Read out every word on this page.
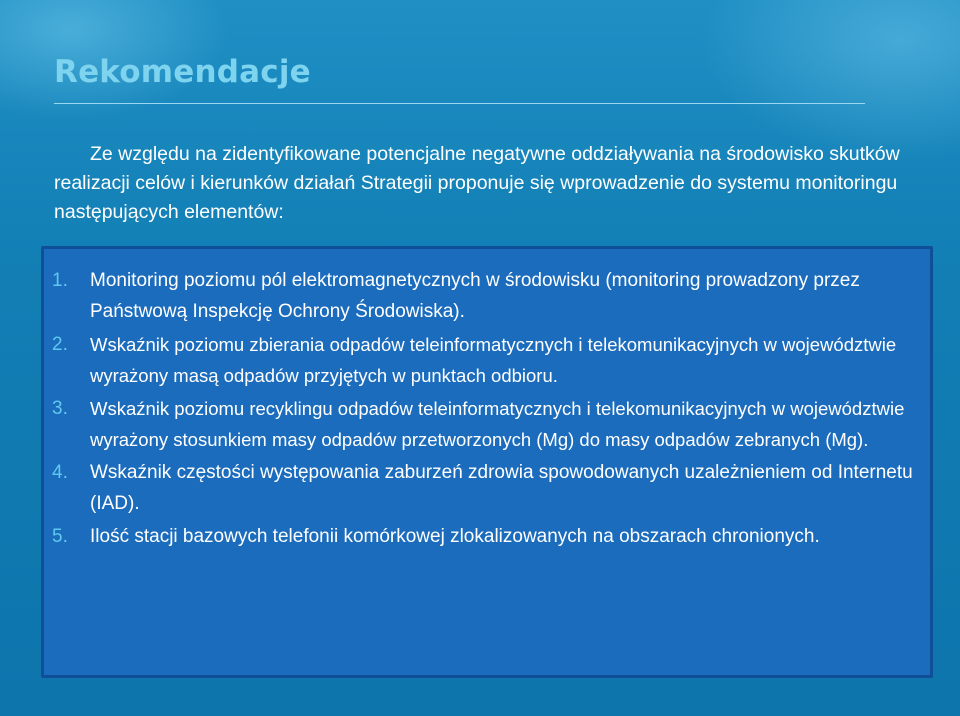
Rekomendacje

Ze względu na zidentyfikowane potencjalne negatywne oddziaływania na środowisko skutków realizacji celów i kierunków działań Strategii proponuje się wprowadzenie do systemu monitoringu następujących elementów:

1. Monitoring poziomu pól elektromagnetycznych w środowisku (monitoring prowadzony przez Państwową Inspekcję Ochrony Środowiska).
2. Wskaźnik poziomu zbierania odpadów teleinformatycznych i telekomunikacyjnych w województwie wyrażony masą odpadów przyjętych w punktach odbioru.
3. Wskaźnik poziomu recyklingu odpadów teleinformatycznych i telekomunikacyjnych w województwie wyrażony stosunkiem masy odpadów przetworzonych (Mg) do masy odpadów zebranych (Mg).
4. Wskaźnik częstości występowania zaburzeń zdrowia spowodowanych uzależnieniem od Internetu (IAD).
5. Ilość stacji bazowych telefonii komórkowej zlokalizowanych na obszarach chronionych.
